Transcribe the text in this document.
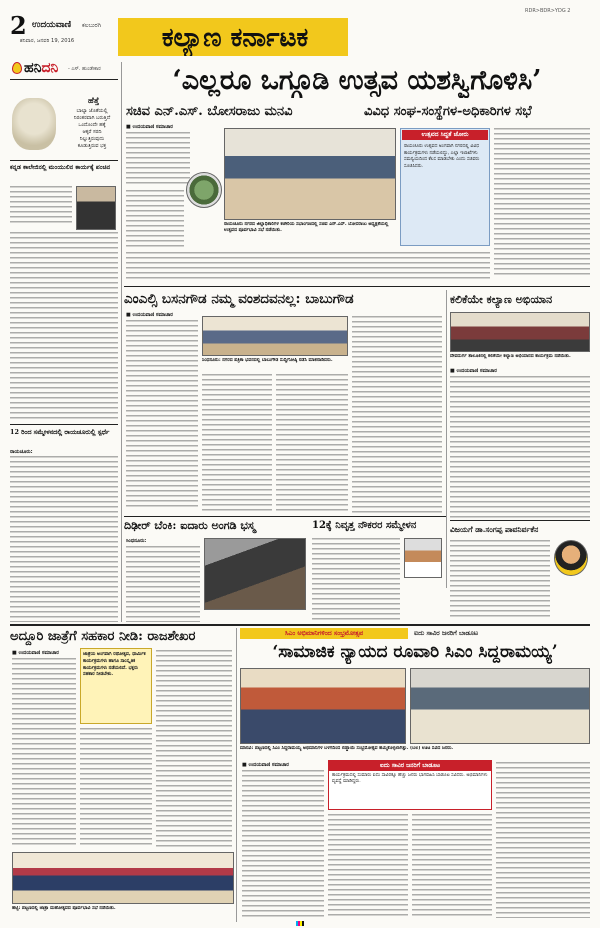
2 ಉದಯವಾಣಿ ಕಲಬುರಗಿ
ಶನಿವಾರ, ಜನವರಿ 19, 2016	ಕಲ್ಯಾಣ ಕರ್ನಾಟಕ
RDR>BDR>YDG 2
ಹನಿದನಿ - ಎಸ್. ಹುಂಡೇಕಾರ
ಹೆತ್ತೆ
ಬಾಲ್ಯಾ ಜೊತೆಯಲ್ಲಿ
ನಿರಂತರವಾಗಿ ಬರುತ್ತಿದೆ
ಒಂದೊಂದೇ ಹಕ್ಕೆ
ಆಕ್ಕರೆ ಸರದಿ
ನಿಲ್ಲುತ್ತಿರುವುದು
ಕೂಡುತ್ತಿರುವ ಭಕ್ತ
ಕನ್ನಡ ಕಾಲೇಜಿನಲ್ಲಿ ಮಂಯುಲಿನ ಕಾರ್ಯಕ್ಕೆ ಪಂಚಿನ
12 ರಿಂದ ಸಮ್ಮೇಳನದಲ್ಲಿ ರಾಯಚೂರುಲ್ಲಿ ಸ್ಪರ್ಧೆ
ರಾಯಚೂರು:
‘ಎಲ್ಲರೂ ಒಗ್ಗೂಡಿ ಉತ್ಸವ ಯಶಸ್ವಿಗೊಳಿಸಿ’
ಸಚಿವ ಎನ್.ಎಸ್. ಬೋಸರಾಜು ಮನವಿ	ವಿವಿಧ ಸಂಘ-ಸಂಸ್ಥೆಗಳ-ಅಧಿಕಾರಿಗಳ ಸಭೆ
■ ಉದಯವಾಣಿ ಸಮಾಚಾರ
ರಾಯಚೂರು ನಗರದ ಜಿಲ್ಲಾಧಿಕಾರಿಗಳ ಕಚೇರಿಯ ಸಭಾಂಗಣದಲ್ಲಿ ಸಚಿವ ಎನ್.ಎಸ್. ಬೋಸರಾಜು ಅಧ್ಯಕ್ಷತೆಯಲ್ಲಿ ಉತ್ಸವದ ಪೂರ್ವಭಾವಿ ಸಭೆ ನಡೆಯಿತು.
ಉತ್ಸವದ ಸಿದ್ಧತೆ ಜೋರು
ರಾಯಚೂರು ಉತ್ಸವದ ಅಂಗವಾಗಿ ನಗರದಲ್ಲಿ ವಿವಿಧ ಕಾರ್ಯಕ್ರಮಗಳು ನಡೆಯಲಿದ್ದು, ಎಲ್ಲಾ ಇಲಾಖೆಗಳು ಸಮನ್ವಯದಿಂದ ಕೆಲಸ ಮಾಡಬೇಕು ಎಂದು ಸಚಿವರು ಸೂಚಿಸಿದರು.
ಎಂಎಲ್ಸಿ ಬಸನಗೌಡ ನಮ್ಮ ವಂಶದವನಲ್ಲ: ಬಾಬುಗೌಡ
■ ಉದಯವಾಣಿ ಸಮಾಚಾರ
ಸಿಂಧನೂರು: ನಗರದ ಪತ್ರಿಕಾ ಭವನದಲ್ಲಿ ಬಾಬುಗೌಡ ಸುದ್ದಿಗೋಷ್ಠಿ ನಡೆಸಿ ಮಾತನಾಡಿದರು.
ಕಲಿಕೆಯೇ ಕಲ್ಯಾಣ ಅಭಿಯಾನ
ದೇವದುರ್ಗ ತಾಲೂಕಿನಲ್ಲಿ ಕಲಿಕೆಯೇ ಕಲ್ಯಾಣ ಅಭಿಯಾನದ ಕಾರ್ಯಕ್ರಮ ನಡೆಯಿತು.
■ ಉದಯವಾಣಿ ಸಮಾಚಾರ
ದಿಢೀರ್ ಬೆಂಕಿ: ಐದಾರು ಅಂಗಡಿ ಭಸ್ಮ
ಸಿಂಧನೂರು:
12ಕ್ಕೆ ನಿವೃತ್ತ ನೌಕರರ ಸಮ್ಮೇಳನ	ವಿಜಯಗೆ ಡಾ.ಸಂಗಪ್ಪ ಪಾವನಿರ್ವಕೆನ
ಅದ್ದೂರಿ ಜಾತ್ರೆಗೆ ಸಹಕಾರ ನೀಡಿ: ರಾಜಶೇಖರ
■ ಉದಯವಾಣಿ ಸಮಾಚಾರ	ಜಾತ್ರೆಯ ಅಂಗವಾಗಿ ರಥೋತ್ಸವ, ಧಾರ್ಮಿಕ ಕಾರ್ಯಕ್ರಮಗಳು ಹಾಗೂ ಸಾಂಸ್ಕೃತಿಕ ಕಾರ್ಯಕ್ರಮಗಳು ನಡೆಯಲಿವೆ. ಭಕ್ತರು ಸಹಕಾರ ನೀಡಬೇಕು.
ಹಟ್ಟಿ: ಪಟ್ಟಣದಲ್ಲಿ ಜಾತ್ರಾ ಮಹೋತ್ಸವದ ಪೂರ್ವಭಾವಿ ಸಭೆ ನಡೆಯಿತು.
ಸಿಎಂ ಅಭಿಮಾನಿಗಳಿಂದ ಸಂಭ್ರಮೋತ್ಸವ	ಐದು ಸಾವಿರ ಜನರಿಗೆ ಬಾಡೂಟ
‘ಸಾಮಾಜಿಕ ನ್ಯಾಯದ ರೂವಾರಿ ಸಿಎಂ ಸಿದ್ದರಾಮಯ್ಯ’
ಮಾನವಿ: ಪಟ್ಟಣದಲ್ಲಿ ಸಿಎಂ ಸಿದ್ದರಾಮಯ್ಯ ಅಭಿಮಾನಿಗಳ ಬಳಗದಿಂದ ಬಿಡ್ಡಾಯಿ ಸಂಭ್ರಮೋತ್ಸವ ಹಮ್ಮಿಕೊಳ್ಳಲಾಗಿತ್ತು. (ಬಲ) ಊಟ ಸವಿದ ಜನರು.
■ ಉದಯವಾಣಿ ಸಮಾಚಾರ	ಐದು ಸಾವಿರ ಜನರಿಗೆ ಬಾಡೂಟ
ಕಾರ್ಯಕ್ರಮದಲ್ಲಿ ಸುಮಾರು ಐದು ಸಾವಿರಕ್ಕೂ ಹೆಚ್ಚು ಜನರು ಭಾಗವಹಿಸಿ ಬಾಡೂಟ ಸವಿದರು. ಅಭಿಮಾನಿಗಳು ವ್ಯವಸ್ಥೆ ಮಾಡಿದ್ದರು.
